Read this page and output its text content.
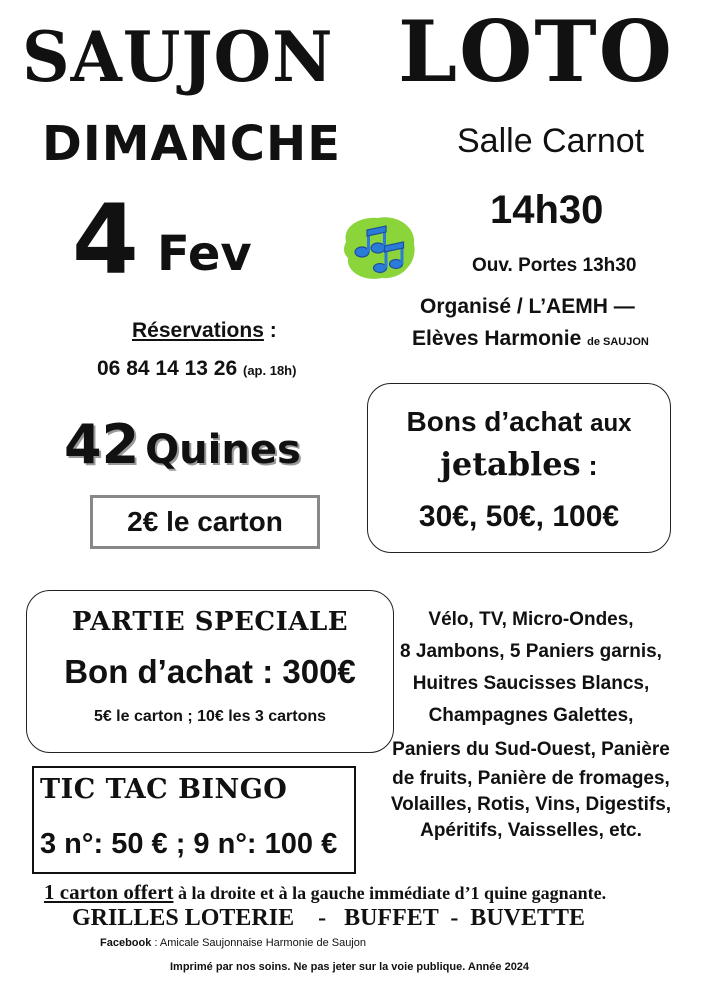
SAUJON LOTO
DIMANCHE	Salle Carnot
4 Fev
14h30
Ouv. Portes 13h30
Organisé / L’AEMH —
Elèves Harmonie de SAUJON
Réservations :
06 84 14 13 26 (ap. 18h)
42 Quines
2€ le carton
Bons d’achat aux
jetables :
30€, 50€, 100€
PARTIE SPECIALE
Bon d’achat : 300€
5€ le carton ; 10€ les 3 cartons
TIC TAC BINGO
3 n°: 50 € ; 9 n°: 100 €
Vélo, TV, Micro-Ondes,
8 Jambons, 5 Paniers garnis,
Huitres Saucisses Blancs,
Champagnes Galettes,
Paniers du Sud-Ouest, Panière
de fruits, Panière de fromages,
Volailles, Rotis, Vins, Digestifs,
Apéritifs, Vaisselles, etc.
1 carton offert à la droite et à la gauche immédiate d’1 quine gagnante.
GRILLES LOTERIE    -   BUFFET  -  BUVETTE
Facebook : Amicale Saujonnaise Harmonie de Saujon
Imprimé par nos soins. Ne pas jeter sur la voie publique. Année 2024
